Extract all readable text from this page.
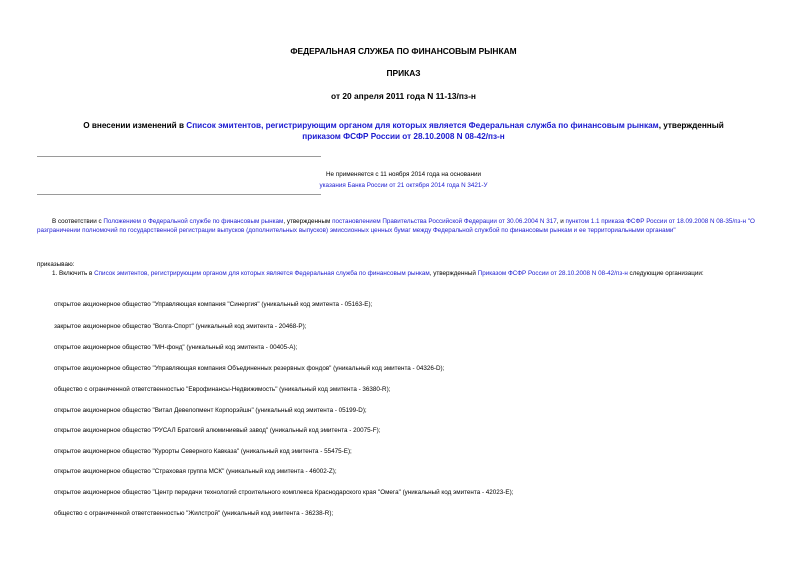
ФЕДЕРАЛЬНАЯ СЛУЖБА ПО ФИНАНСОВЫМ РЫНКАМ
ПРИКАЗ
от 20 апреля 2011 года N 11-13/пз-н
О внесении изменений в Список эмитентов, регистрирующим органом для которых является Федеральная служба по финансовым рынкам, утвержденный
приказом ФСФР России от 28.10.2008 N 08-42/пз-н
Не применяется с 11 ноября 2014 года на основании
указания Банка России от 21 октября 2014 года N 3421-У
В соответствии с Положением о Федеральной службе по финансовым рынкам, утвержденным постановлением Правительства Российской Федерации от 30.06.2004 N 317, и пунктом 1.1 приказа ФСФР России от 18.09.2008 N 08-35/пз-н "О разграничении полномочий по государственной регистрации выпусков (дополнительных выпусков) эмиссионных ценных бумаг между Федеральной службой по финансовым рынкам и ее территориальными органами"
приказываю:
1. Включить в Список эмитентов, регистрирующим органом для которых является Федеральная служба по финансовым рынкам, утвержденный Приказом ФСФР России от 28.10.2008 N 08-42/пз-н следующие организации:
открытое акционерное общество "Управляющая компания "Синергия" (уникальный код эмитента - 05163-E);
закрытое акционерное общество "Волга-Спорт" (уникальный код эмитента - 20468-P);
открытое акционерное общество "МН-фонд" (уникальный код эмитента - 00405-A);
открытое акционерное общество "Управляющая компания Объединенных резервных фондов" (уникальный код эмитента - 04326-D);
общество с ограниченной ответственностью "Еврофинансы-Недвижимость" (уникальный код эмитента - 36380-R);
открытое акционерное общество "Витал Девелопмент Корпорэйшн" (уникальный код эмитента - 05199-D);
открытое акционерное общество "РУСАЛ Братский алюминиевый завод" (уникальный код эмитента - 20075-F);
открытое акционерное общество "Курорты Северного Кавказа" (уникальный код эмитента - 55475-E);
открытое акционерное общество "Страховая группа МСК" (уникальный код эмитента - 46002-Z);
открытое акционерное общество "Центр передачи технологий строительного комплекса Краснодарского края "Омега" (уникальный код эмитента - 42023-E);
общество с ограниченной ответственностью "Жилстрой" (уникальный код эмитента - 36238-R);
